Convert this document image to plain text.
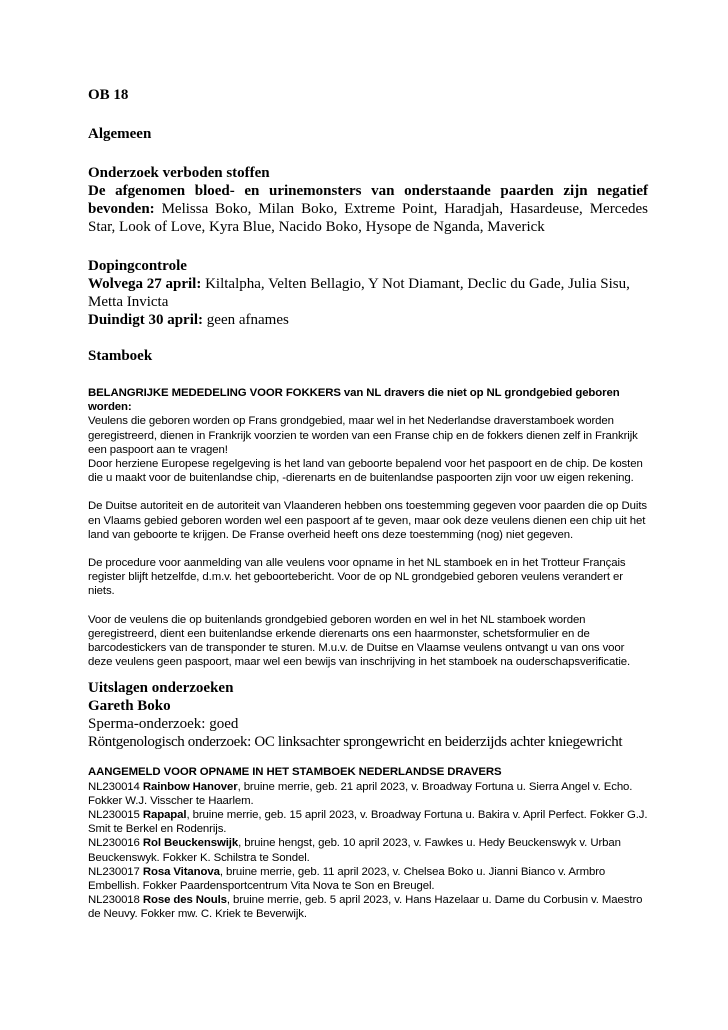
OB 18

Algemeen

Onderzoek verboden stoffen

De afgenomen bloed- en urinemonsters van onderstaande paarden zijn negatief bevonden: Melissa Boko, Milan Boko, Extreme Point, Haradjah, Hasardeuse, Mercedes Star, Look of Love, Kyra Blue, Nacido Boko, Hysope de Nganda, Maverick

Dopingcontrole

Wolvega 27 april: Kiltalpha, Velten Bellagio, Y Not Diamant, Declic du Gade, Julia Sisu, Metta Invicta

Duindigt 30 april: geen afnames

Stamboek

BELANGRIJKE MEDEDELING VOOR FOKKERS van NL dravers die niet op NL grondgebied geboren worden:

Veulens die geboren worden op Frans grondgebied, maar wel in het Nederlandse draverstamboek worden geregistreerd, dienen in Frankrijk voorzien te worden van een Franse chip en de fokkers dienen zelf in Frankrijk een paspoort aan te vragen!

Door herziene Europese regelgeving is het land van geboorte bepalend voor het paspoort en de chip. De kosten die u maakt voor de buitenlandse chip, -dierenarts en de buitenlandse paspoorten zijn voor uw eigen rekening.

De Duitse autoriteit en de autoriteit van Vlaanderen hebben ons toestemming gegeven voor paarden die op Duits en Vlaams gebied geboren worden wel een paspoort af te geven, maar ook deze veulens dienen een chip uit het land van geboorte te krijgen. De Franse overheid heeft ons deze toestemming (nog) niet gegeven.

De procedure voor aanmelding van alle veulens voor opname in het NL stamboek en in het Trotteur Français register blijft hetzelfde, d.m.v. het geboortebericht. Voor de op NL grondgebied geboren veulens verandert er niets.

Voor de veulens die op buitenlands grondgebied geboren worden en wel in het NL stamboek worden geregistreerd, dient een buitenlandse erkende dierenarts ons een haarmonster, schetsformulier en de barcodestickers van de transponder te sturen. M.u.v. de Duitse en Vlaamse veulens ontvangt u van ons voor deze veulens geen paspoort, maar wel een bewijs van inschrijving in het stamboek na ouderschapsverificatie.

Uitslagen onderzoeken

Gareth Boko

Sperma-onderzoek: goed

Röntgenologisch onderzoek: OC linksachter sprongewricht en beiderzijds achter kniegewricht

AANGEMELD VOOR OPNAME IN HET STAMBOEK NEDERLANDSE DRAVERS

NL230014 Rainbow Hanover, bruine merrie, geb. 21 april 2023, v. Broadway Fortuna u. Sierra Angel v. Echo. Fokker W.J. Visscher te Haarlem.

NL230015 Rapapal, bruine merrie, geb. 15 april 2023, v. Broadway Fortuna u. Bakira v. April Perfect. Fokker G.J. Smit te Berkel en Rodenrijs.

NL230016 Rol Beuckenswijk, bruine hengst, geb. 10 april 2023, v. Fawkes u. Hedy Beuckenswyk v. Urban Beuckenswyk. Fokker K. Schilstra te Sondel.

NL230017 Rosa Vitanova, bruine merrie, geb. 11 april 2023, v. Chelsea Boko u. Jianni Bianco v. Armbro Embellish. Fokker Paardensportcentrum Vita Nova te Son en Breugel.

NL230018 Rose des Nouls, bruine merrie, geb. 5 april 2023, v. Hans Hazelaar u. Dame du Corbusin v. Maestro de Neuvy. Fokker mw. C. Kriek te Beverwijk.
